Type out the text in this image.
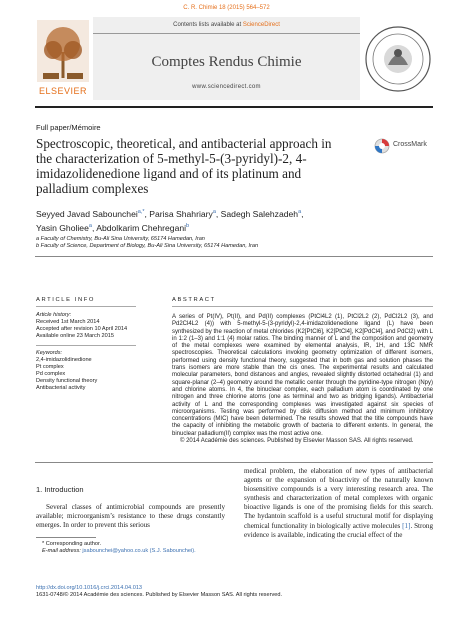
C. R. Chimie 18 (2015) 564–572
ELSEVIER
Contents lists available at ScienceDirect
Comptes Rendus Chimie
www.sciencedirect.com
Full paper/Mémoire
Spectroscopic, theoretical, and antibacterial approach in the characterization of 5-methyl-5-(3-pyridyl)-2, 4-imidazolidenedione ligand and of its platinum and palladium complexes
CrossMark
Seyyed Javad Sabounchei$^{a,*}$, Parisa Shahriary$^a$, Sadegh Salehzadeh$^a$,
Yasin Gholiee$^a$, Abdolkarim Chehregani$^b$
a Faculty of Chemistry, Bu-Ali Sina University, 65174 Hamedan, Iran
b Faculty of Science, Department of Biology, Bu-Ali Sina University, 65174 Hamedan, Iran
ARTICLE INFO
Article history:
Received 1st March 2014
Accepted after revision 10 April 2014
Available online 23 March 2015
Keywords:
2,4-imidazolidinedione
Pt complex
Pd complex
Density functional theory
Antibacterial activity
ABSTRACT
A series of Pt(IV), Pt(II), and Pd(II) complexes (PtCl4L2 (1), PtCl2L2 (2), PdCl2L2 (3), and Pd2Cl4L2 (4)) with 5-methyl-5-(3-pyridyl)-2,4-imidazolidenedione ligand (L) have been synthesized by the reaction of metal chlorides (K2[PtCl6], K2[PtCl4], K2[PdCl4], and PdCl2) with L in 1:2 (1–3) and 1:1 (4) molar ratios. The binding manner of L and the composition and geometry of the metal complexes were examined by elemental analysis, IR, 1H, and 13C NMR spectroscopies. Theoretical calculations invoking geometry optimization of different isomers, performed using density functional theory, suggested that in both gas and solution phases the trans isomers are more stable than the cis ones. The experimental results and calculated molecular parameters, bond distances and angles, revealed slightly distorted octahedral (1) and square-planar (2–4) geometry around the metallic center through the pyridine-type nitrogen (Npy) and chlorine atoms. In 4, the binuclear complex, each palladium atom is coordinated by one nitrogen and three chlorine atoms (one as terminal and two as bridging ligands). Antibacterial activity of L and the corresponding complexes was investigated against six species of microorganisms. Testing was performed by disk diffusion method and minimum inhibitory concentrations (MIC) have been determined. The results showed that the title compounds have the capacity of inhibiting the metabolic growth of bacteria to different extents. In general, the binuclear palladium(II) complex was the most active one.

© 2014 Académie des sciences. Published by Elsevier Masson SAS. All rights reserved.
1. Introduction
Several classes of antimicrobial compounds are presently available; microorganism’s resistance to these drugs constantly emerges. In order to prevent this serious
medical problem, the elaboration of new types of antibacterial agents or the expansion of bioactivity of the naturally known biosensitive compounds is a very interesting research area. The synthesis and characterization of metal complexes with organic bioactive ligands is one of the promising fields for this search. The hydantoin scaffold is a useful structural motif for displaying chemical functionality in biologically active molecules [1]. Strong evidence is available, indicating the crucial effect of the
* Corresponding author.
E-mail address: jsabounchei@yahoo.co.uk (S.J. Sabounchei).
http://dx.doi.org/10.1016/j.crci.2014.04.013
1631-0748/© 2014 Académie des sciences. Published by Elsevier Masson SAS. All rights reserved.
